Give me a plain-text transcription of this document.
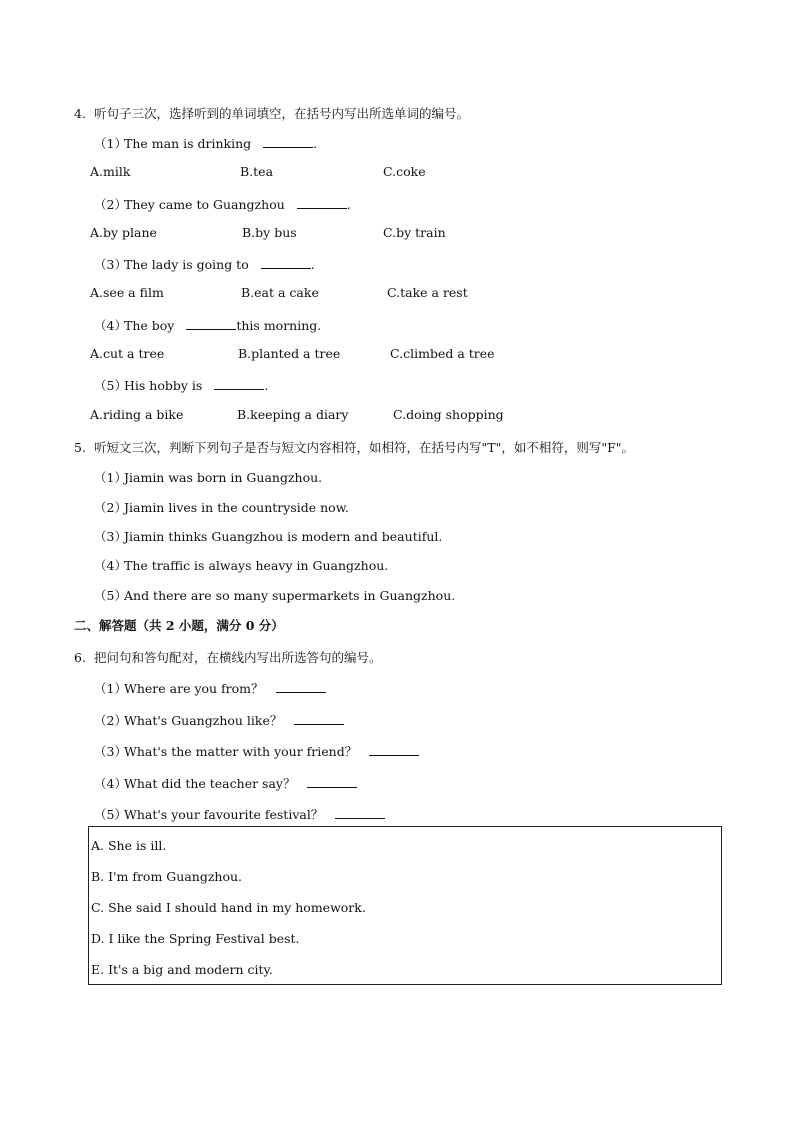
4. 听句子三次，选择听到的单词填空，在括号内写出所选单词的编号。
（1）The man is drinking	.
A.milk	B.tea	C.coke
（2）They came to Guangzhou	.
A.by plane	B.by bus	C.by train
（3）The lady is going to	.
A.see a film	B.eat a cake	C.take a rest
（4）The boy	this morning.
A.cut a tree	B.planted a tree	C.climbed a tree
（5）His hobby is	.
A.riding a bike	B.keeping a diary	C.doing shopping
5. 听短文三次，判断下列句子是否与短文内容相符，如相符，在括号内写"T"，如不相符，则写"F"。
（1）Jiamin was born in Guangzhou.
（2）Jiamin lives in the countryside now.
（3）Jiamin thinks Guangzhou is modern and beautiful.
（4）The traffic is always heavy in Guangzhou.
（5）And there are so many supermarkets in Guangzhou.
二、解答题（共 2 小题，满分 0 分）
6. 把问句和答句配对，在横线内写出所选答句的编号。
（1）Where are you from？
（2）What's Guangzhou like？
（3）What's the matter with your friend？
（4）What did the teacher say？
（5）What's your favourite festival？
A. She is ill.
B. I'm from Guangzhou.
C. She said I should hand in my homework.
D. I like the Spring Festival best.
E. It's a big and modern city.
